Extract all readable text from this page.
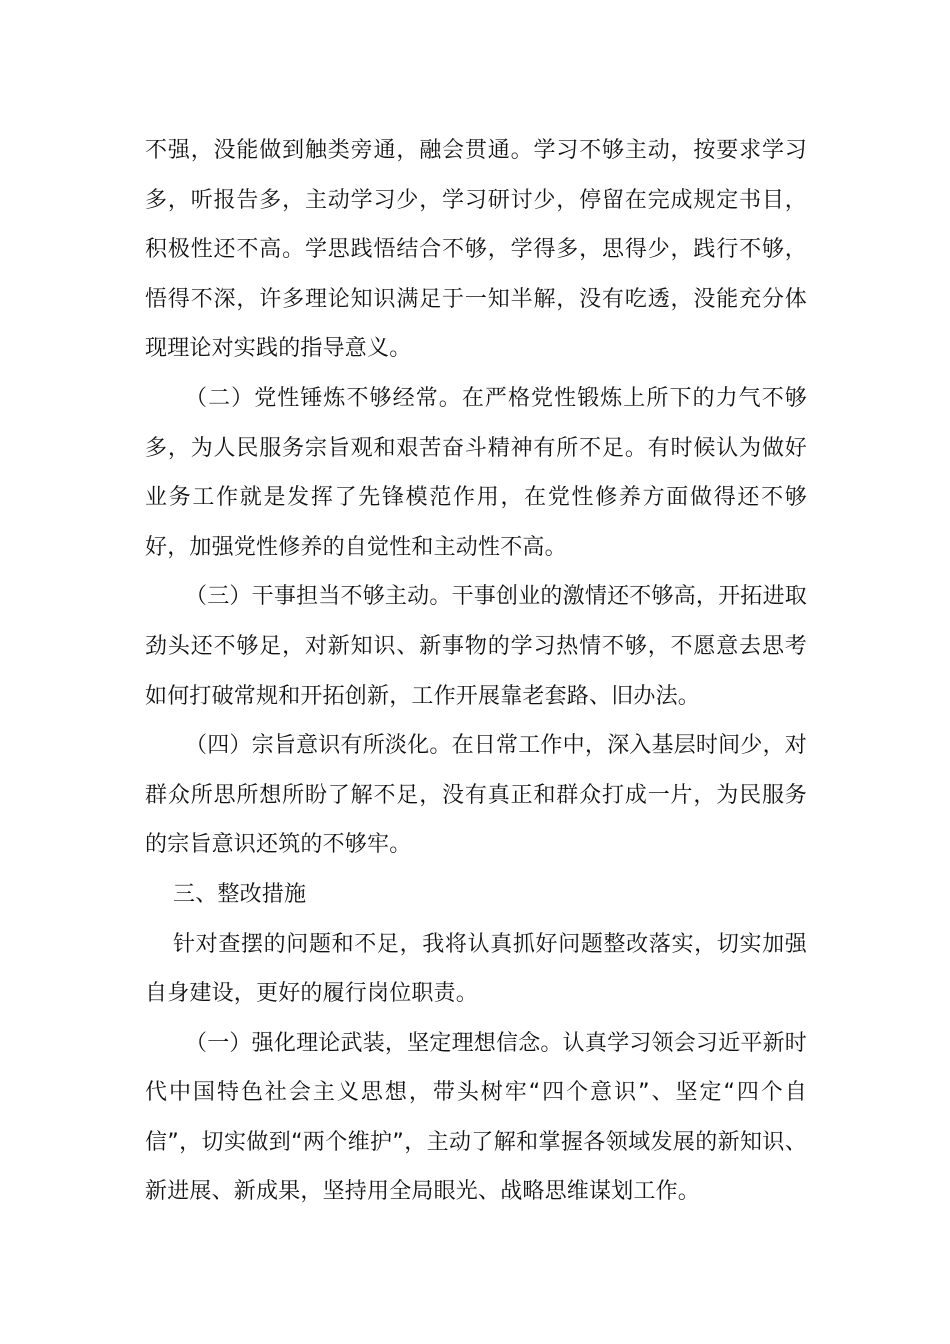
不强，没能做到触类旁通，融会贯通。学习不够主动，按要求学习多，听报告多，主动学习少，学习研讨少，停留在完成规定书目，积极性还不高。学思践悟结合不够，学得多，思得少，践行不够，悟得不深，许多理论知识满足于一知半解，没有吃透，没能充分体现理论对实践的指导意义。

（二）党性锤炼不够经常。在严格党性锻炼上所下的力气不够多，为人民服务宗旨观和艰苦奋斗精神有所不足。有时候认为做好业务工作就是发挥了先锋模范作用，在党性修养方面做得还不够好，加强党性修养的自觉性和主动性不高。

（三）干事担当不够主动。干事创业的激情还不够高，开拓进取劲头还不够足，对新知识、新事物的学习热情不够，不愿意去思考如何打破常规和开拓创新，工作开展靠老套路、旧办法。

（四）宗旨意识有所淡化。在日常工作中，深入基层时间少，对群众所思所想所盼了解不足，没有真正和群众打成一片，为民服务的宗旨意识还筑的不够牢。

三、整改措施

针对查摆的问题和不足，我将认真抓好问题整改落实，切实加强自身建设，更好的履行岗位职责。

（一）强化理论武装，坚定理想信念。认真学习领会习近平新时代中国特色社会主义思想，带头树牢“四个意识”、坚定“四个自信”，切实做到“两个维护”，主动了解和掌握各领域发展的新知识、新进展、新成果，坚持用全局眼光、战略思维谋划工作。
